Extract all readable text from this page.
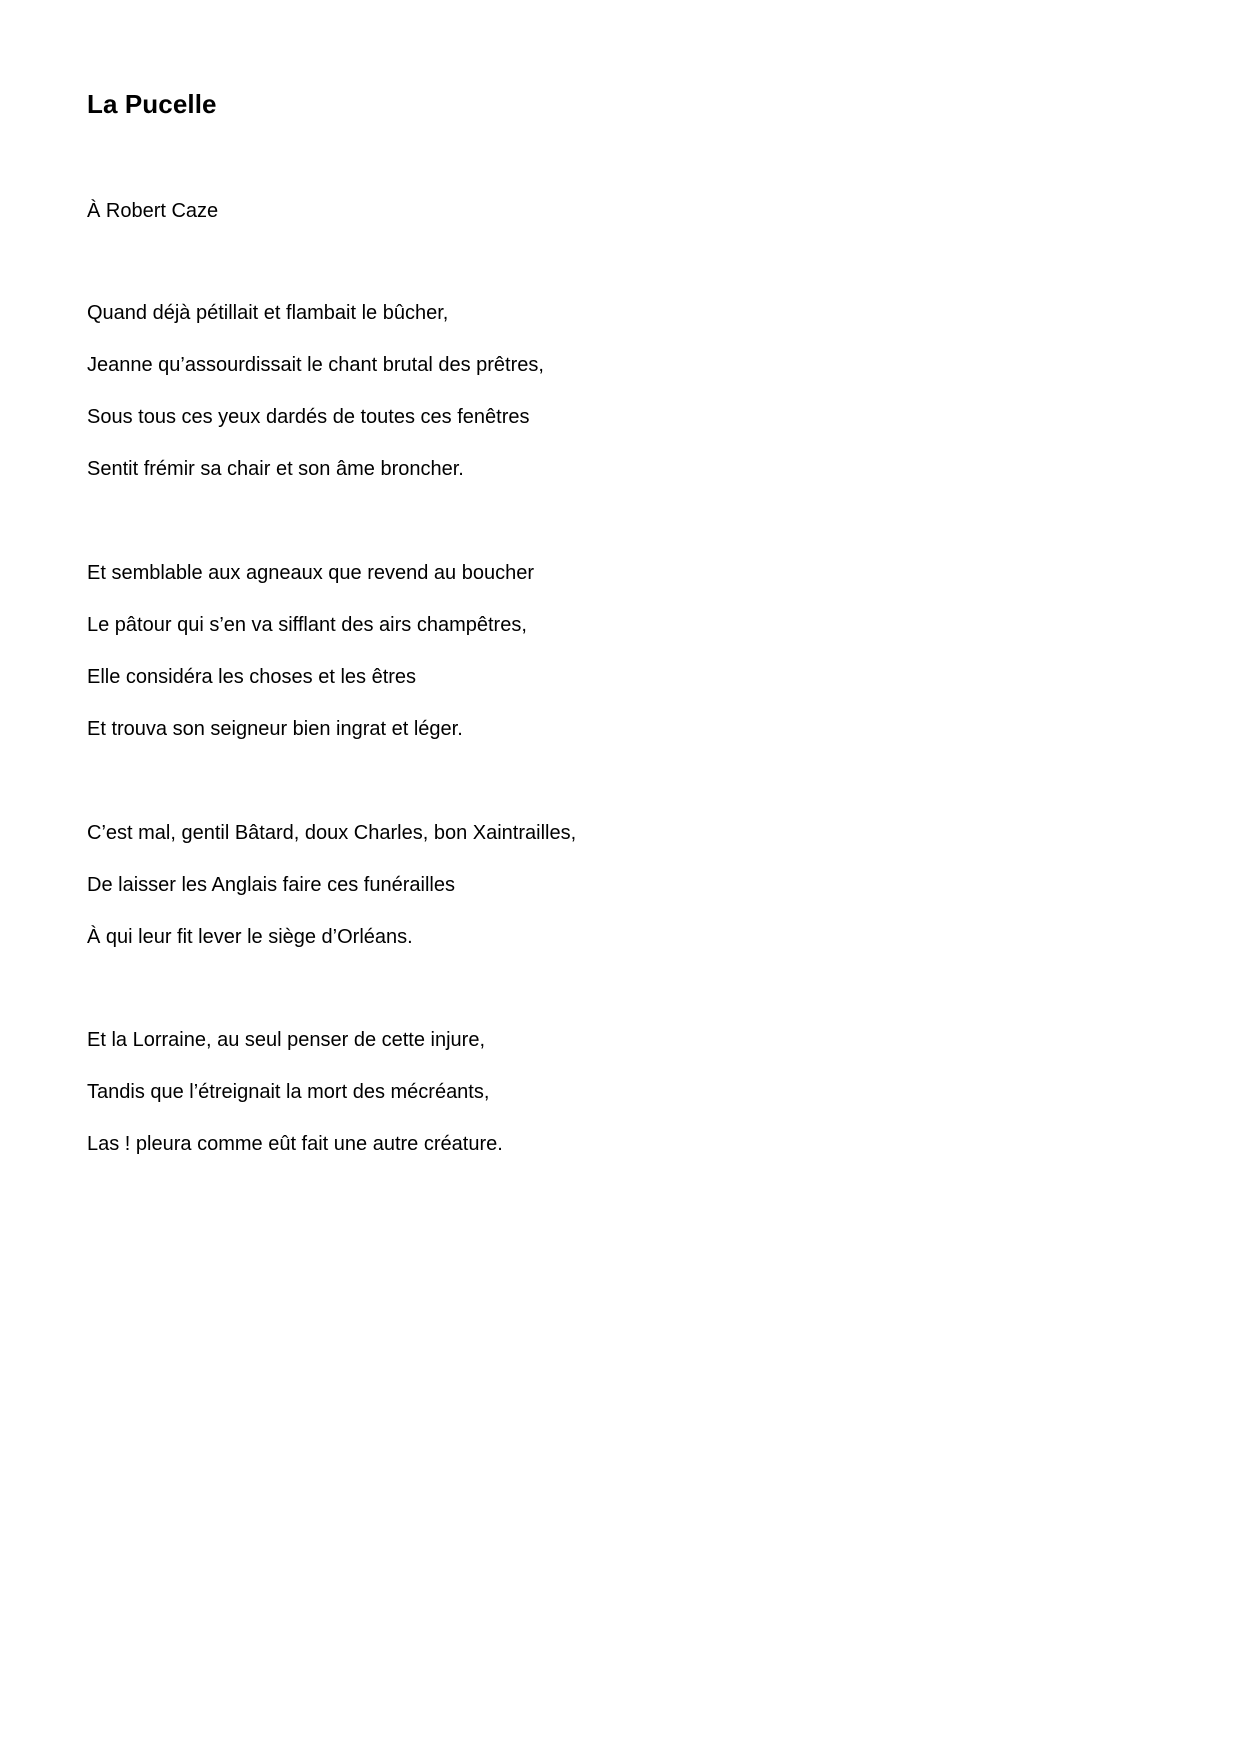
La Pucelle

À Robert Caze

Quand déjà pétillait et flambait le bûcher,
Jeanne qu’assourdissait le chant brutal des prêtres,
Sous tous ces yeux dardés de toutes ces fenêtres
Sentit frémir sa chair et son âme broncher.
Et semblable aux agneaux que revend au boucher
Le pâtour qui s’en va sifflant des airs champêtres,
Elle considéra les choses et les êtres
Et trouva son seigneur bien ingrat et léger.
C’est mal, gentil Bâtard, doux Charles, bon Xaintrailles,
De laisser les Anglais faire ces funérailles
À qui leur fit lever le siège d’Orléans.
Et la Lorraine, au seul penser de cette injure,
Tandis que l’étreignait la mort des mécréants,
Las ! pleura comme eût fait une autre créature.
